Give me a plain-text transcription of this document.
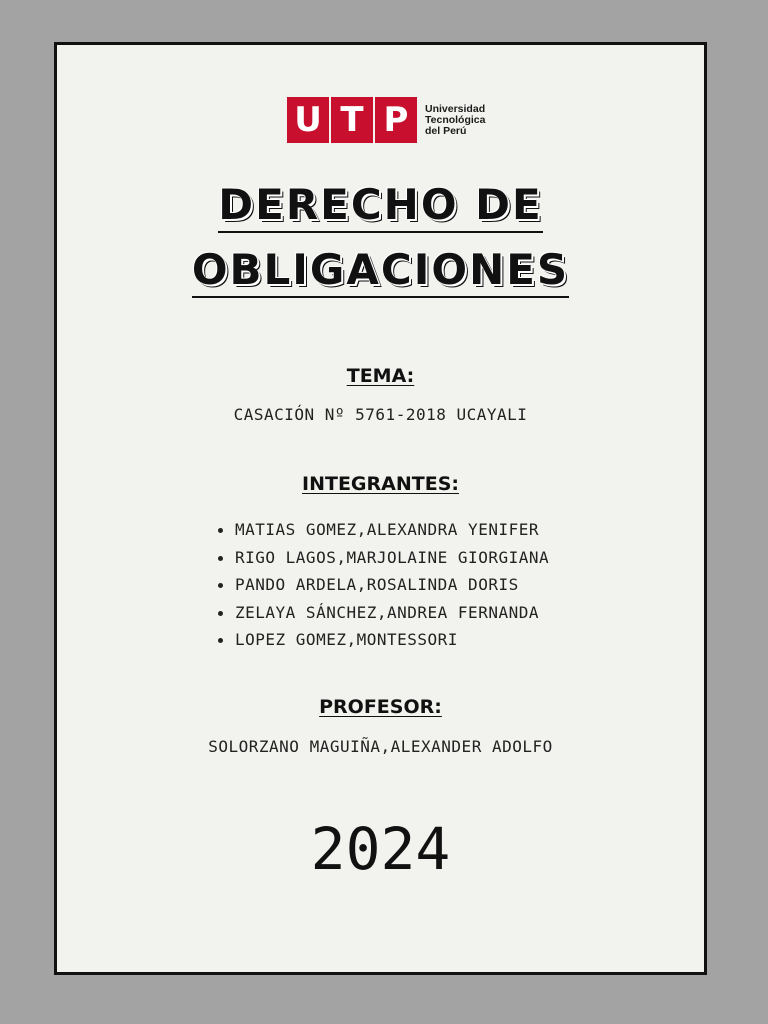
U T P	Universidad
Tecnológica
del Perú
DERECHO DE
OBLIGACIONES
TEMA:

CASACIÓN Nº 5761-2018 UCAYALI

INTEGRANTES:
MATIAS GOMEZ,ALEXANDRA YENIFER
RIGO LAGOS,MARJOLAINE GIORGIANA
PANDO ARDELA,ROSALINDA DORIS
ZELAYA SÁNCHEZ,ANDREA FERNANDA
LOPEZ GOMEZ,MONTESSORI
PROFESOR:

SOLORZANO MAGUIÑA,ALEXANDER ADOLFO

2024
